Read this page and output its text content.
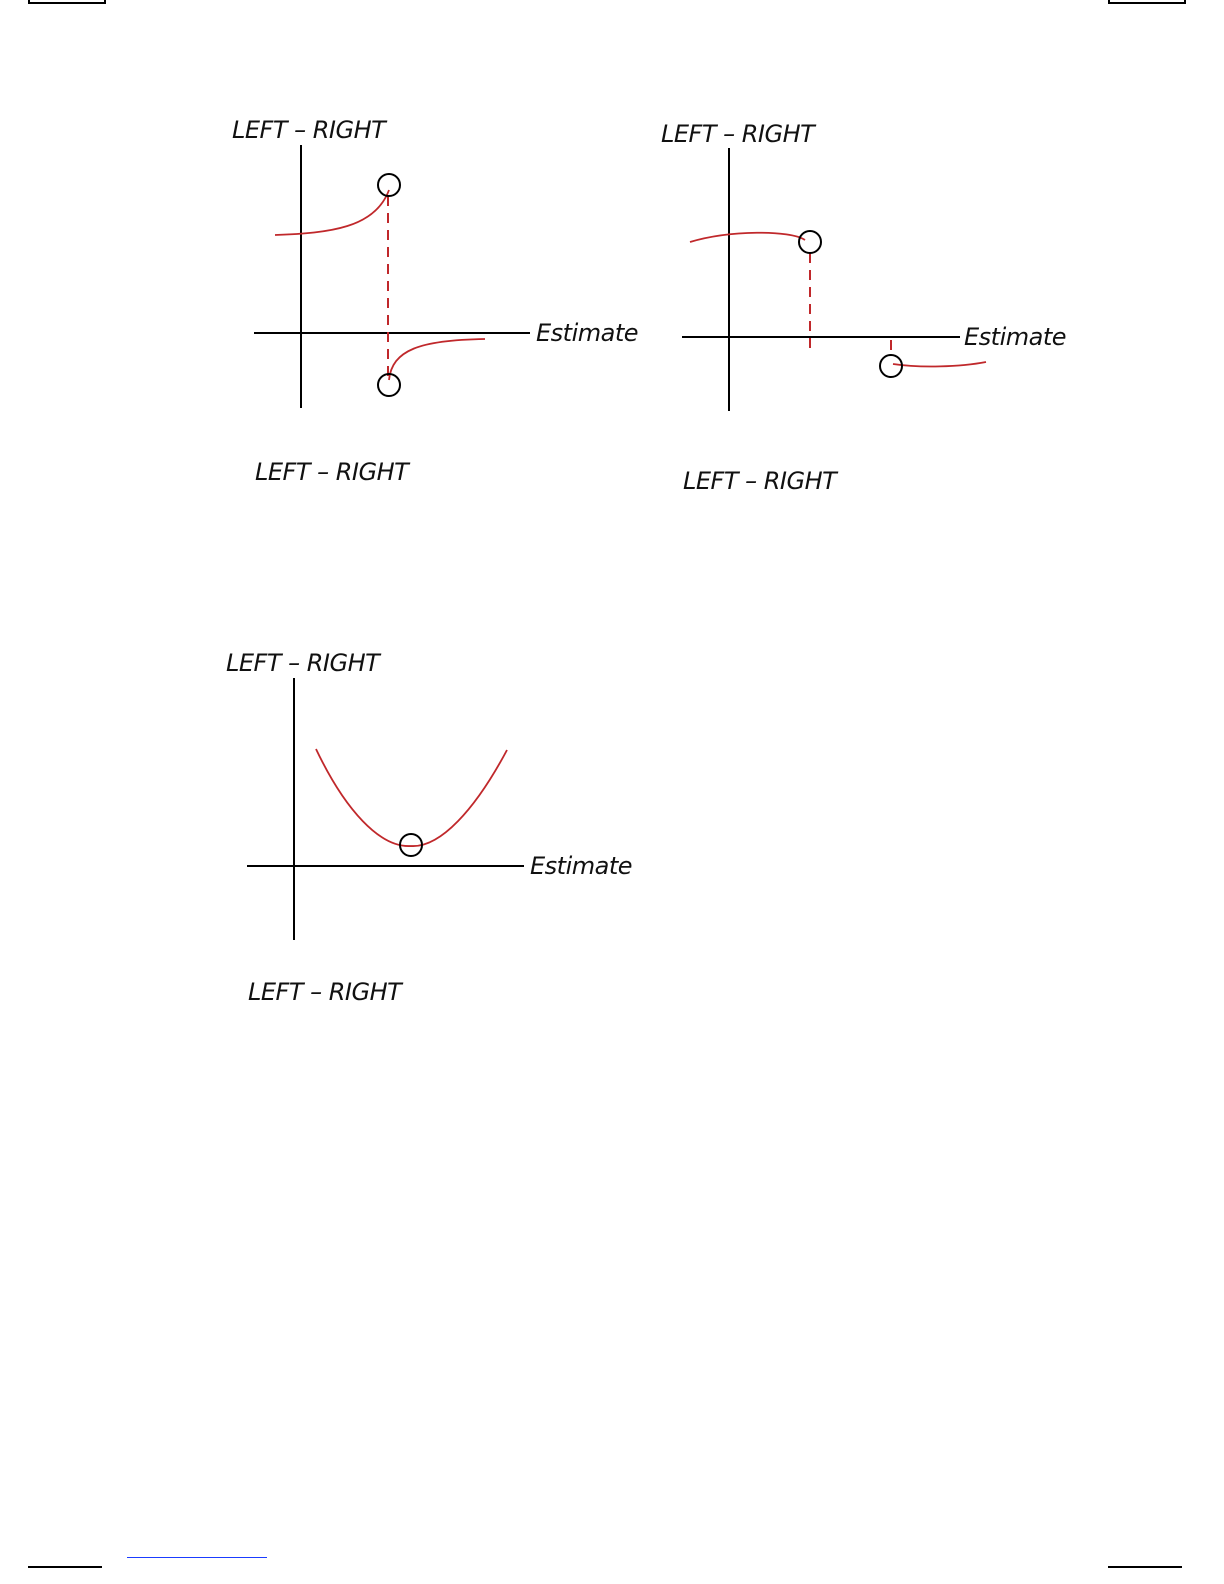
LEFT – RIGHT
Estimate
LEFT – RIGHT
LEFT – RIGHT
Estimate
LEFT – RIGHT
LEFT – RIGHT
Estimate
LEFT – RIGHT
